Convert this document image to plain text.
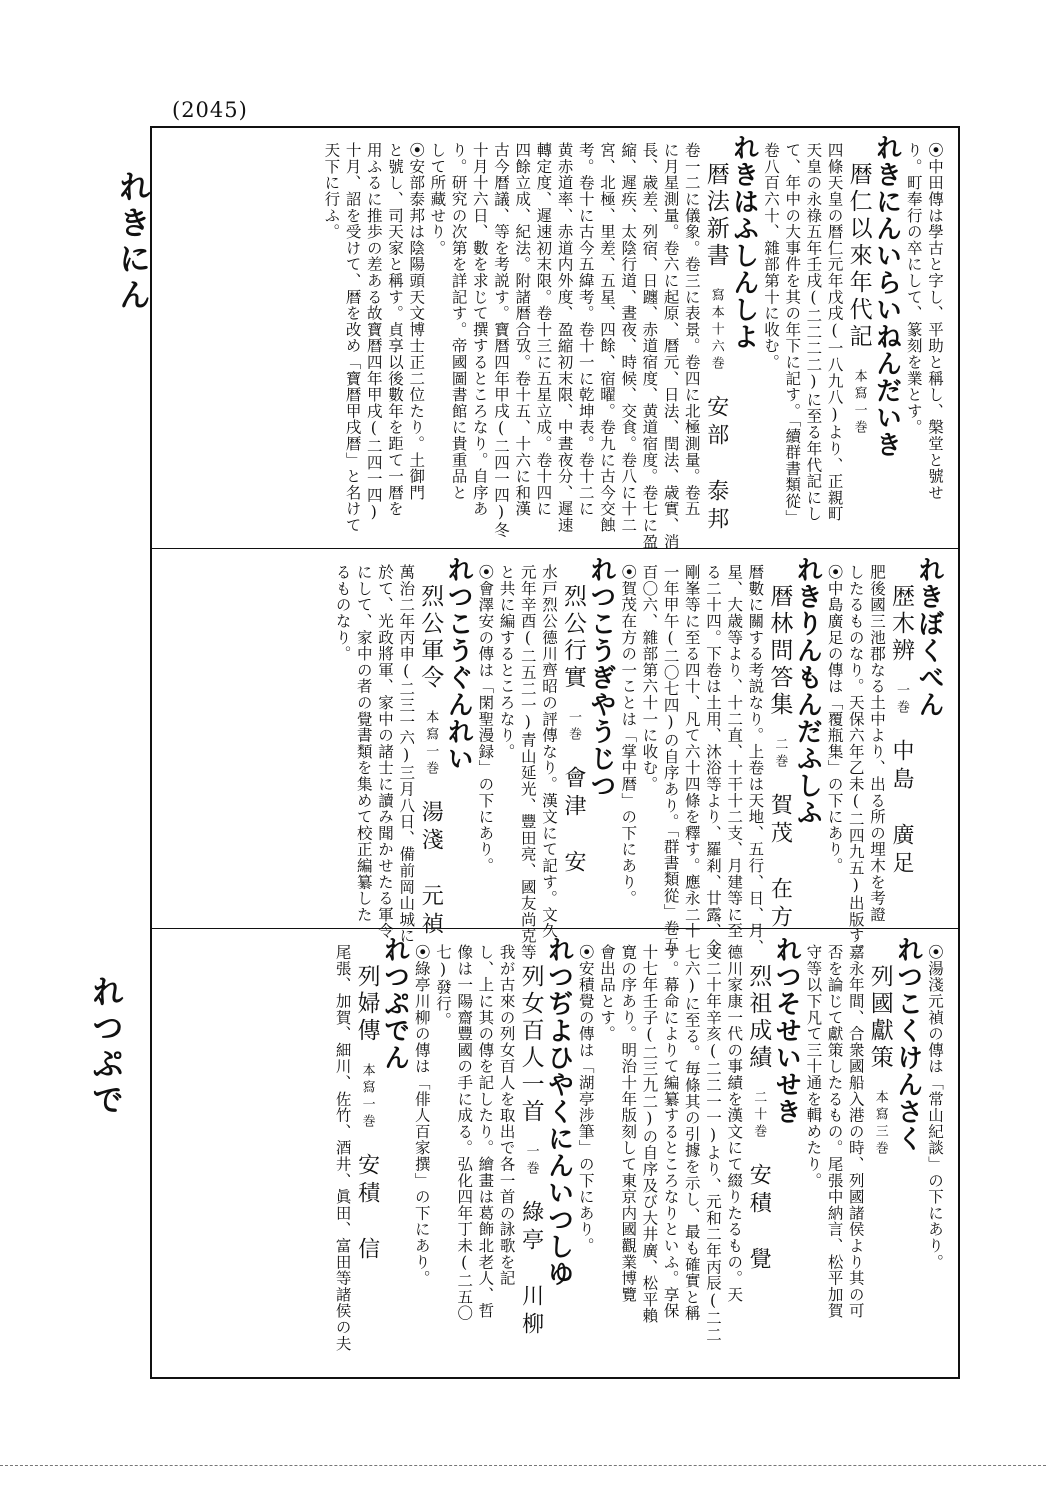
(2045)
⦿中田傳は學古と字し、平助と稱し、槃堂と號せ
り。町奉行の卒にして、篆刻を業とす。
れきにんいらいねんだいき
暦仁以來年代記本寫一巻
四條天皇の暦仁元年戊戌(一八九八)より、正親町
天皇の永祿五年壬戌(二二二二)に至る年代記にし
て、年中の大事件を其の年下に記す。「續群書類從」
卷八百六十、雜部第十に收む。
れきはふしんしよ
暦法新書寫本十六巻安部　泰邦
卷一二に儀象。卷三に表景。卷四に北極測量。卷五
に月星測量。卷六に起原、暦元、日法、閏法、歳實、消
長、歳差、列宿、日躔、赤道宿度、黄道宿度。卷七に盈
縮、遲疾、太陰行道、晝夜、時候、交食。卷八に十二
宮、北極、里差、五星、四餘、宿曜。卷九に古今交蝕
考。卷十に古今五緯考。卷十一に乾坤表。卷十二に
黄赤道率、赤道内外度、盈縮初末限、中晝夜分、遲速
轉定度、遲速初末限。卷十三に五星立成。卷十四に
四餘立成、紀法。附諸暦合攷。卷十五、十六に和漢
古今暦議、等を考説す。寶暦四年甲戌(二四一四)冬
十月十六日、數を求じて撰するところなり。自序あ
り。研究の次第を詳記す。帝國圖書館に貴重品と
して所藏せり。
⦿安部泰邦は陰陽頭天文博士正二位たり。土御門
と號し、司天家と稱す。貞享以後數年を距て一暦を
用ふるに推歩の差ある故寶暦四年甲戌(二四一四)
十月、詔を受けて、暦を改め「寶暦甲戌暦」と名けて
天下に行ふ。
れきぼくべん
歴木辨一巻中島　廣足
肥後國三池郡なる土中より、出る所の埋木を考證
したるものなり。天保六年乙未(二四九五)出版す。
⦿中島廣足の傳は「覆瓶集」の下にあり。
れきりんもんだふしふ
暦林問答集二巻賀茂　在方
暦數に關する考説なり。上卷は天地、五行、日、月、
星、大歳等より、十二直、十干十二支、月建等に至
る二十四。下卷は土用、沐浴等より、羅剎、廿露、金
剛峯等に至る四十、凡て六十四條を釋す。應永二十
一年甲午(二〇七四)の自序あり。「群書類從」卷五
百〇六、雜部第六十一に收む。
⦿賀茂在方の一ことは「掌中暦」の下にあり。
れつこうぎやうじつ
烈公行實一巻會津　安
水戸烈公德川齊昭の評傳なり。漢文にて記す。文久
元年辛酉(二五二一)青山延光、豐田亮、國友尚克等
と共に編するところなり。
⦿會澤安の傳は「閑聖漫録」の下にあり。
れつこうぐんれい
烈公軍令本寫一巻湯淺　元禎
萬治二年丙申(二三一六)三月八日、備前岡山城に
於て、光政將軍、家中の諸士に讀み聞かせたる軍令
にして、家中の者の覺書類を集めて校正編纂した
るものなり。
⦿湯淺元禎の傳は「常山紀談」の下にあり。
れつこくけんさく
列國獻策本寫三巻
嘉永年間、合衆國船入港の時、列國諸侯より其の可
否を論じて獻策したるもの。尾張中納言、松平加賀
守等以下凡て三十通を輯めたり。
れつそせいせき
烈祖成績二十巻安積　覺
德川家康一代の事績を漢文にて綴りたるもの。天
文二十年辛亥(二二一一)より、元和二年丙辰(二二
七六)に至る。毎條其の引據を示し、最も確實と稱
す。幕命によりて編纂するところなりといふ。享保
十七年壬子(二三九二)の自序及び大井廣、松平賴
寛の序あり。明治十年版刻して東京内國觀業博覽
會出品とす。
⦿安積覺の傳は「湖亭涉筆」の下にあり。
れつぢよひやくにんいつしゆ
列女百人一首一巻綠亭　川柳
我が古來の列女百人を取出で各一首の詠歌を記
し、上に其の傳を記したり。繪畫は葛飾北老人、哲
像は一陽齋豐國の手に成る。弘化四年丁未(二五〇
七)發行。
⦿綠亭川柳の傳は「俳人百家撰」の下にあり。
れつぷでん
列婦傳本寫一巻安積　信
尾張、加賀、細川、佐竹、酒井、眞田、富田等諸侯の夫
れきにん
れつぷで
